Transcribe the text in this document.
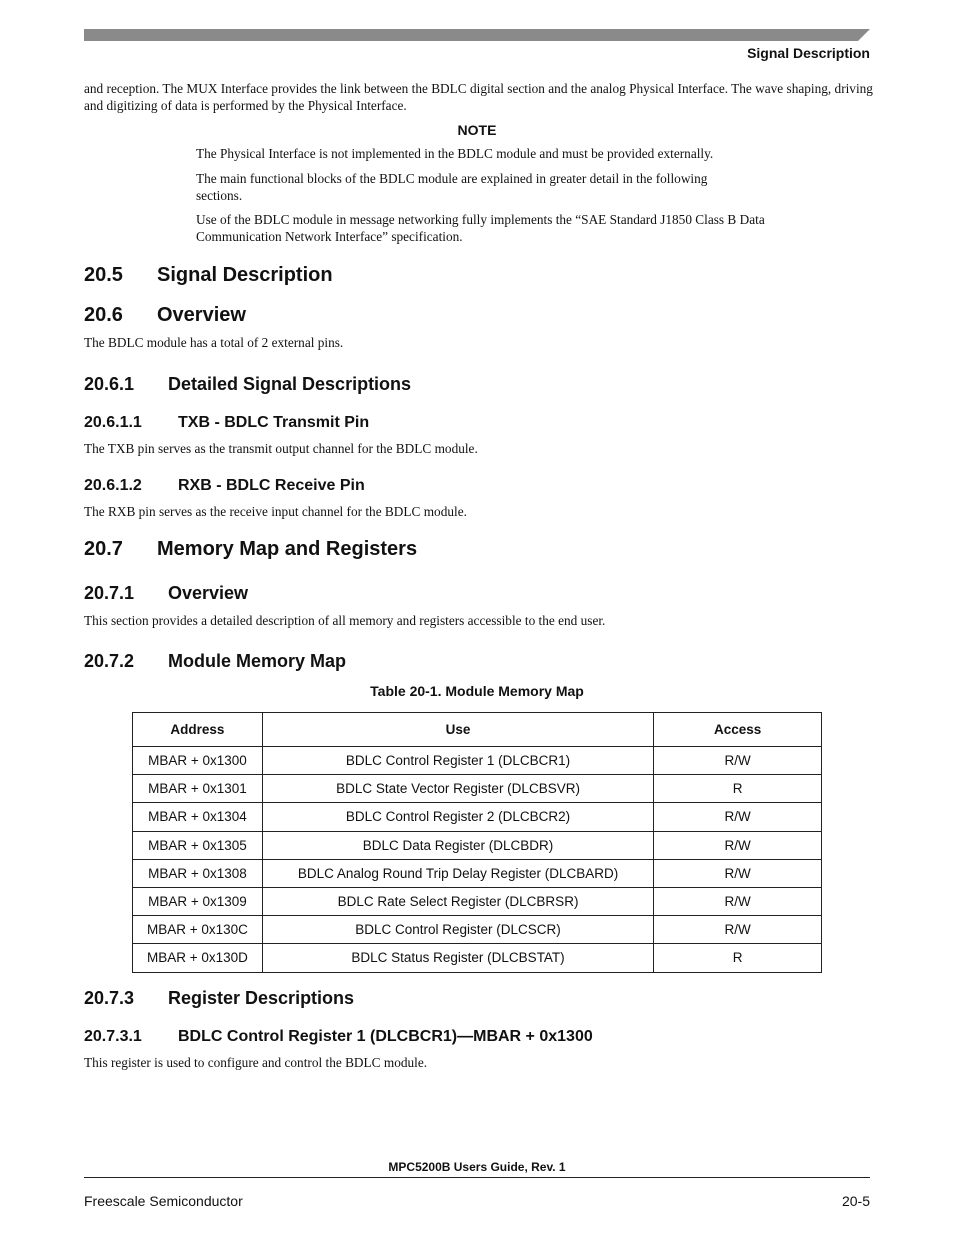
Signal Description

and reception. The MUX Interface provides the link between the BDLC digital section and the analog Physical Interface. The wave shaping, driving and digitizing of data is performed by the Physical Interface.

NOTE

The Physical Interface is not implemented in the BDLC module and must be provided externally.

The main functional blocks of the BDLC module are explained in greater detail in the following sections.

Use of the BDLC module in message networking fully implements the “SAE Standard J1850 Class B Data Communication Network Interface” specification.

20.5 Signal Description
20.6 Overview

The BDLC module has a total of 2 external pins.

20.6.1 Detailed Signal Descriptions
20.6.1.1 TXB - BDLC Transmit Pin

The TXB pin serves as the transmit output channel for the BDLC module.

20.6.1.2 RXB - BDLC Receive Pin

The RXB pin serves as the receive input channel for the BDLC module.

20.7 Memory Map and Registers
20.7.1 Overview

This section provides a detailed description of all memory and registers accessible to the end user.

20.7.2 Module Memory Map
Table 20-1. Module Memory Map
Address	Use	Access
MBAR + 0x1300	BDLC Control Register 1 (DLCBCR1)	R/W
MBAR + 0x1301	BDLC State Vector Register (DLCBSVR)	R
MBAR + 0x1304	BDLC Control Register 2 (DLCBCR2)	R/W
MBAR + 0x1305	BDLC Data Register (DLCBDR)	R/W
MBAR + 0x1308	BDLC Analog Round Trip Delay Register (DLCBARD)	R/W
MBAR + 0x1309	BDLC Rate Select Register (DLCBRSR)	R/W
MBAR + 0x130C	BDLC Control Register (DLCSCR)	R/W
MBAR + 0x130D	BDLC Status Register (DLCBSTAT)	R
20.7.3 Register Descriptions
20.7.3.1 BDLC Control Register 1 (DLCBCR1)—MBAR + 0x1300

This register is used to configure and control the BDLC module.

MPC5200B Users Guide, Rev. 1
Freescale Semiconductor	20-5
